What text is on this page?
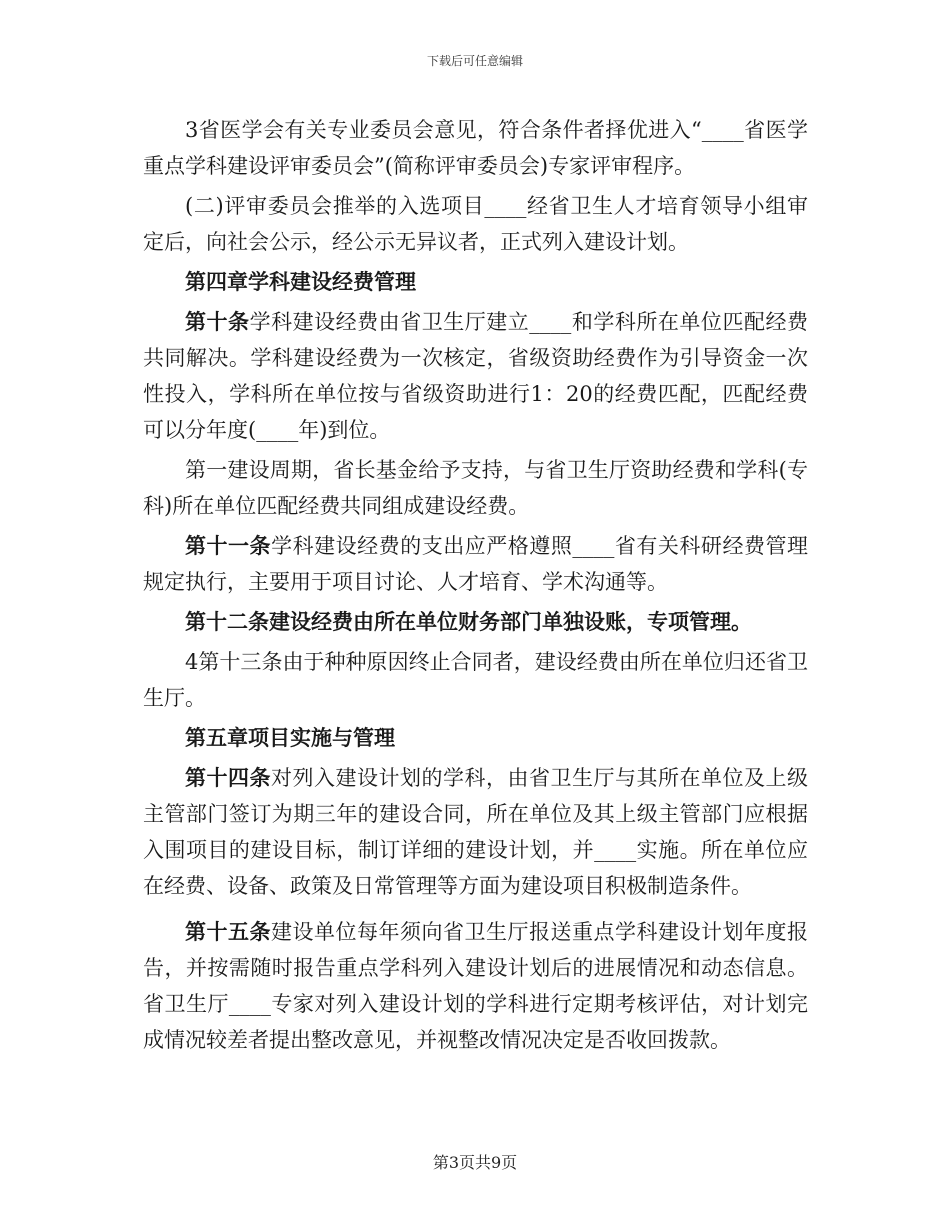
下载后可任意编辑

3省医学会有关专业委员会意见，符合条件者择优进入“____省医学重点学科建设评审委员会”(简称评审委员会)专家评审程序。

(二)评审委员会推举的入选项目____经省卫生人才培育领导小组审定后，向社会公示，经公示无异议者，正式列入建设计划。

第四章学科建设经费管理

第十条学科建设经费由省卫生厅建立____和学科所在单位匹配经费共同解决。学科建设经费为一次核定，省级资助经费作为引导资金一次性投入，学科所在单位按与省级资助进行1：20的经费匹配，匹配经费可以分年度(____年)到位。

第一建设周期，省长基金给予支持，与省卫生厅资助经费和学科(专科)所在单位匹配经费共同组成建设经费。

第十一条学科建设经费的支出应严格遵照____省有关科研经费管理规定执行，主要用于项目讨论、人才培育、学术沟通等。

第十二条建设经费由所在单位财务部门单独设账，专项管理。

4第十三条由于种种原因终止合同者，建设经费由所在单位归还省卫生厅。

第五章项目实施与管理

第十四条对列入建设计划的学科，由省卫生厅与其所在单位及上级主管部门签订为期三年的建设合同，所在单位及其上级主管部门应根据入围项目的建设目标，制订详细的建设计划，并____实施。所在单位应在经费、设备、政策及日常管理等方面为建设项目积极制造条件。

第十五条建设单位每年须向省卫生厅报送重点学科建设计划年度报告，并按需随时报告重点学科列入建设计划后的进展情况和动态信息。省卫生厅____专家对列入建设计划的学科进行定期考核评估，对计划完成情况较差者提出整改意见，并视整改情况决定是否收回拨款。

第3页共9页
